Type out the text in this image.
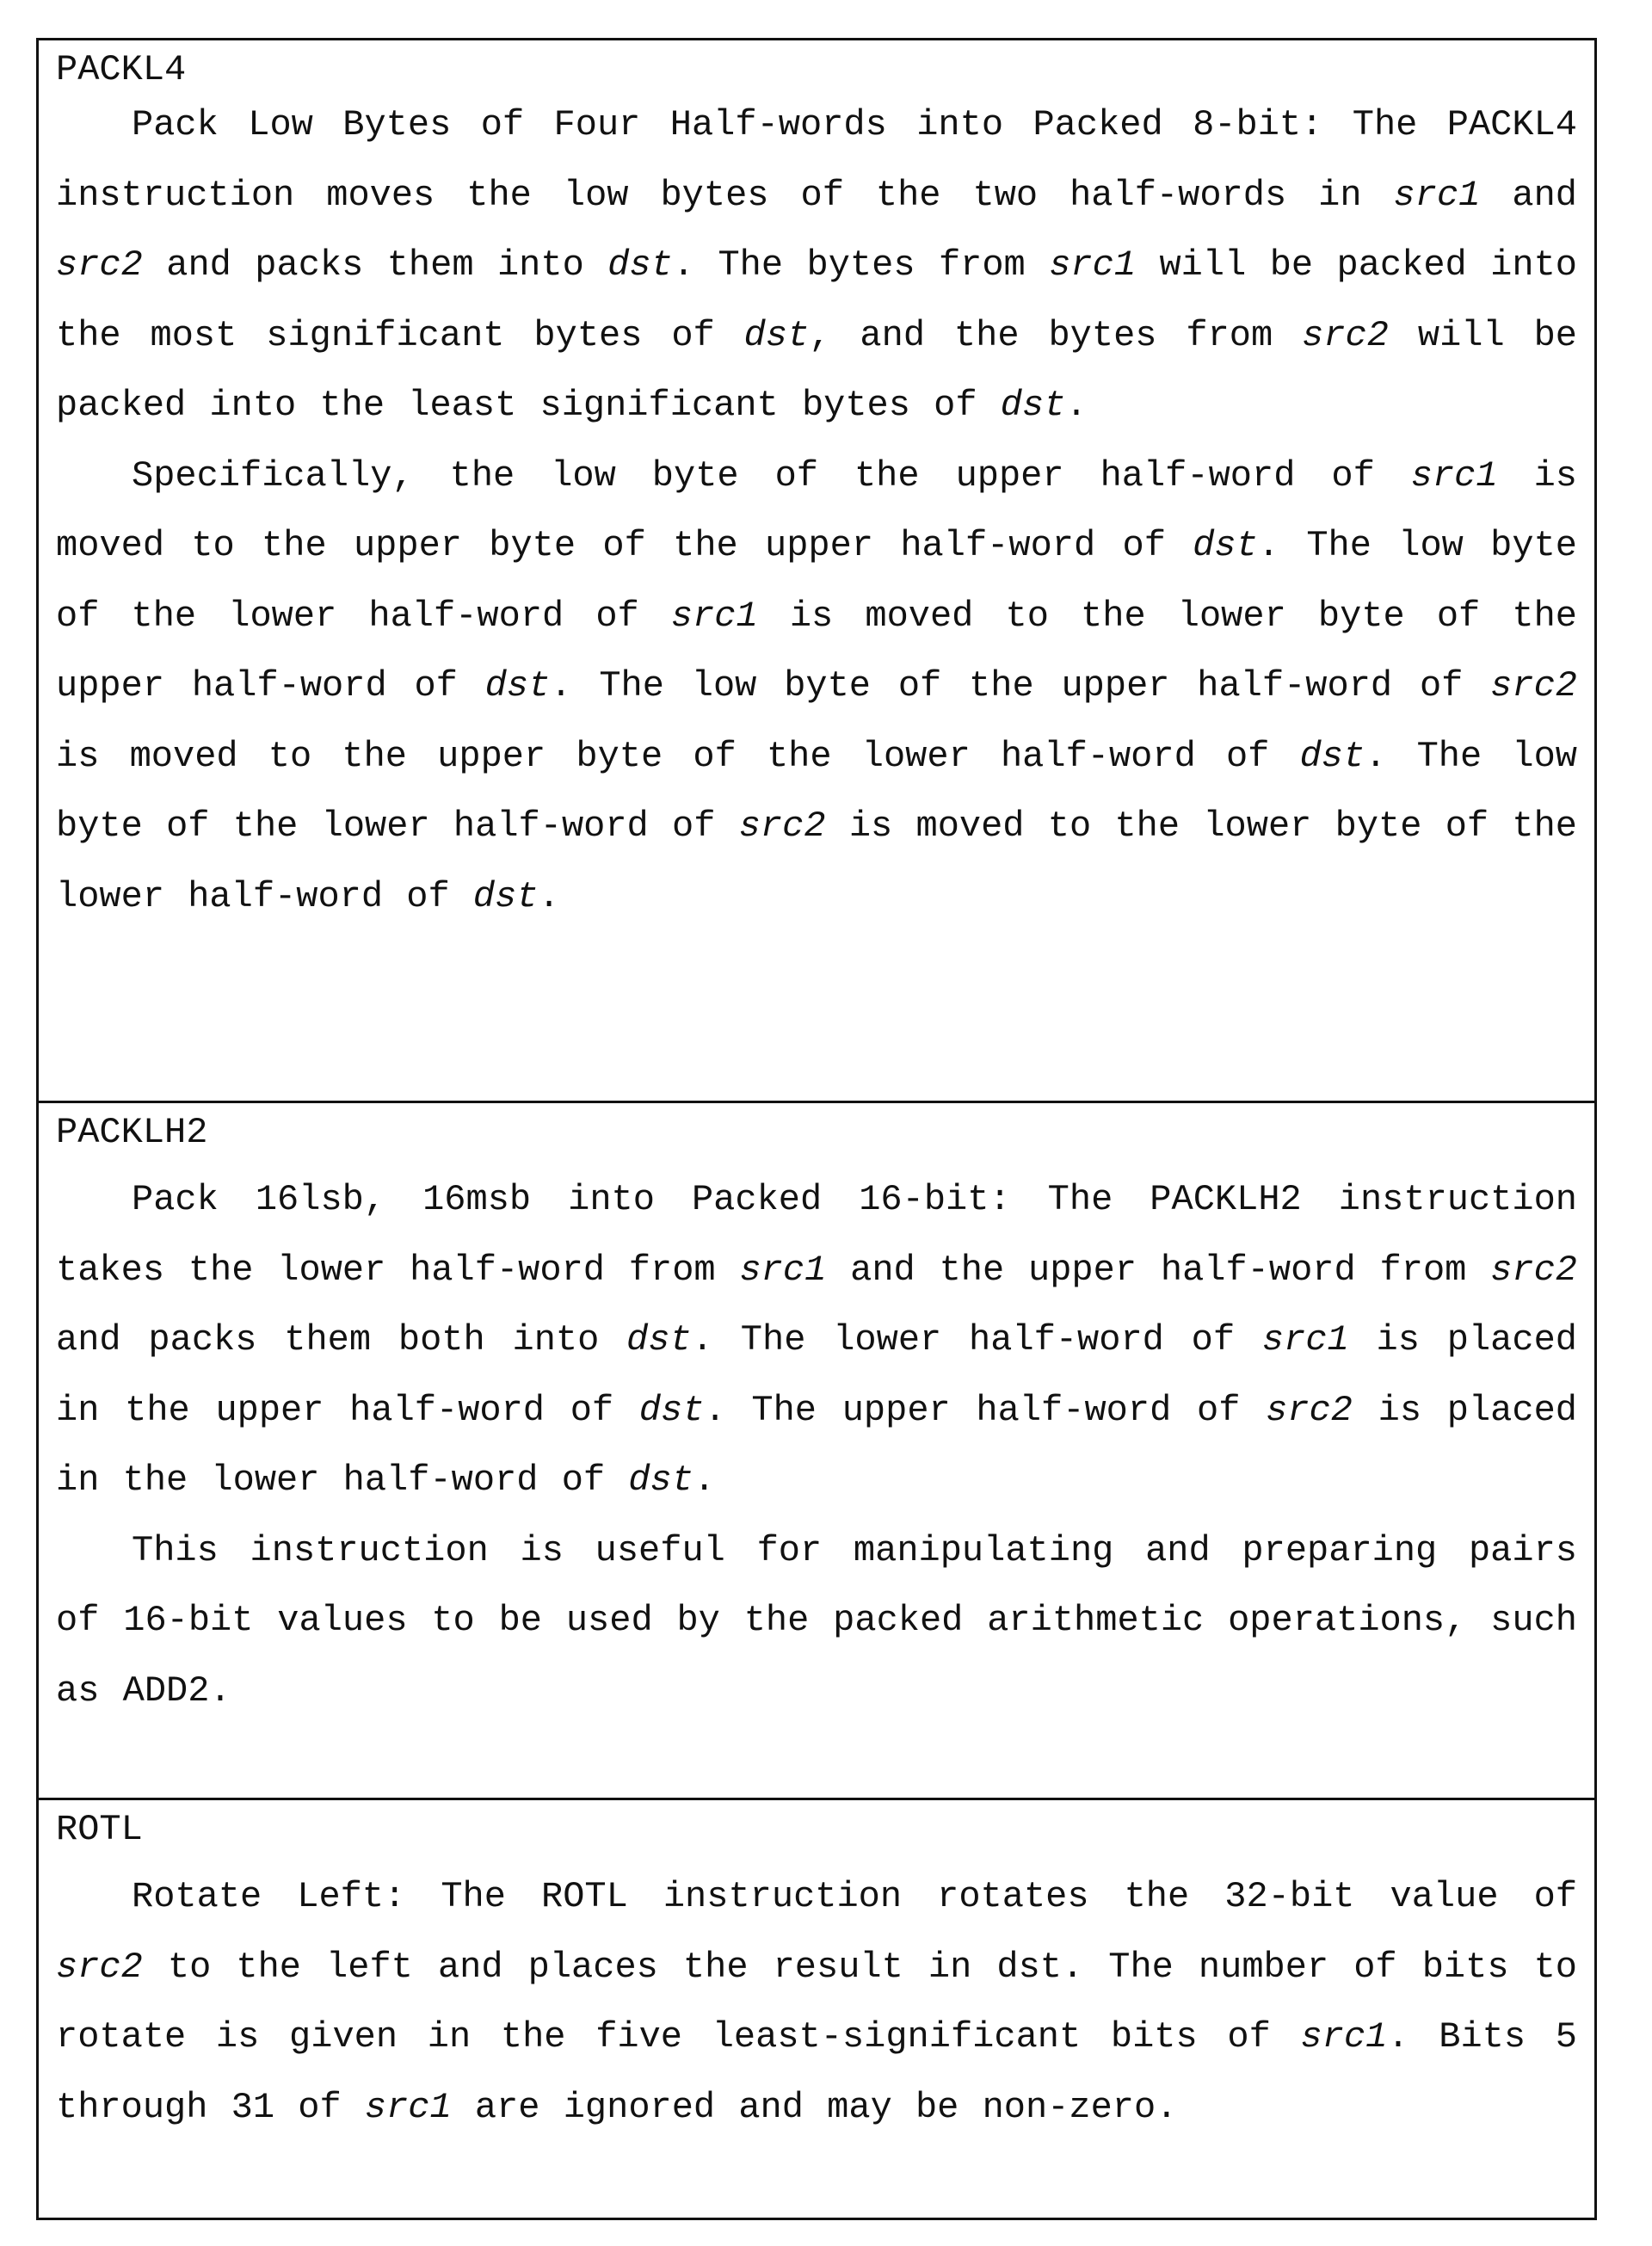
PACKL4

Pack Low Bytes of Four Half-words into Packed 8-bit: The PACKL4 instruction moves the low bytes of the two half-words in src1 and src2 and packs them into dst. The bytes from src1 will be packed into the most significant bytes of dst, and the bytes from src2 will be packed into the least significant bytes of dst.

Specifically, the low byte of the upper half-word of src1 is moved to the upper byte of the upper half-word of dst. The low byte of the lower half-word of src1 is moved to the lower byte of the upper half-word of dst. The low byte of the upper half-word of src2 is moved to the upper byte of the lower half-word of dst. The low byte of the lower half-word of src2 is moved to the lower byte of the lower half-word of dst.

PACKLH2

Pack 16lsb, 16msb into Packed 16-bit: The PACKLH2 instruction takes the lower half-word from src1 and the upper half-word from src2 and packs them both into dst. The lower half-word of src1 is placed in the upper half-word of dst. The upper half-word of src2 is placed in the lower half-word of dst.

This instruction is useful for manipulating and preparing pairs of 16-bit values to be used by the packed arithmetic operations, such as ADD2.

ROTL

Rotate Left: The ROTL instruction rotates the 32-bit value of src2 to the left and places the result in dst. The number of bits to rotate is given in the five least-significant bits of src1. Bits 5 through 31 of src1 are ignored and may be non-zero.
